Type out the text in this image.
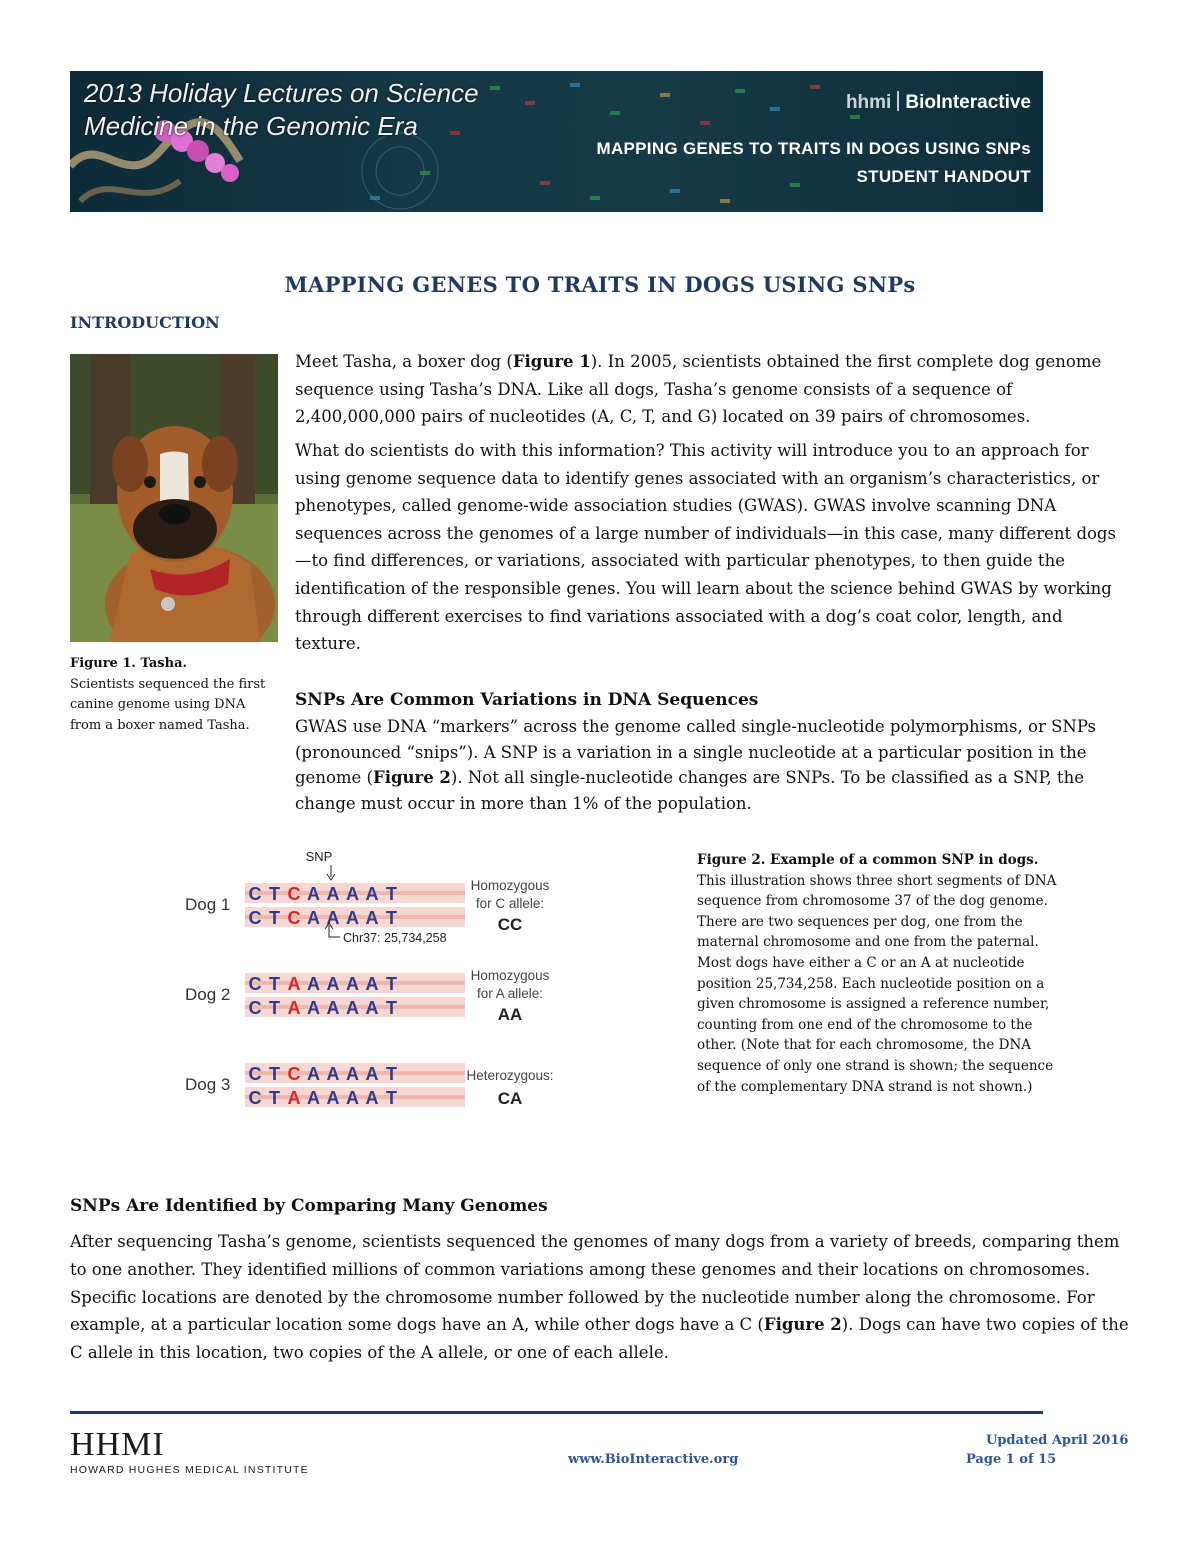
2013 Holiday Lectures on Science
Medicine in the Genomic Era
hhmi BioInteractive
MAPPING GENES TO TRAITS IN DOGS USING SNPs
STUDENT HANDOUT
MAPPING GENES TO TRAITS IN DOGS USING SNPs
INTRODUCTION
Figure 1. Tasha.
Scientists sequenced the first canine genome using DNA from a boxer named Tasha.
Meet Tasha, a boxer dog (Figure 1). In 2005, scientists obtained the first complete dog genome sequence using Tasha’s DNA. Like all dogs, Tasha’s genome consists of a sequence of 2,400,000,000 pairs of nucleotides (A, C, T, and G) located on 39 pairs of chromosomes.
What do scientists do with this information? This activity will introduce you to an approach for using genome sequence data to identify genes associated with an organism’s characteristics, or phenotypes, called genome-wide association studies (GWAS). GWAS involve scanning DNA sequences across the genomes of a large number of individuals—in this case, many different dogs—to find differences, or variations, associated with particular phenotypes, to then guide the identification of the responsible genes. You will learn about the science behind GWAS by working through different exercises to find variations associated with a dog’s coat color, length, and texture.
SNPs Are Common Variations in DNA Sequences
GWAS use DNA “markers” across the genome called single-nucleotide polymorphisms, or SNPs (pronounced “snips”). A SNP is a variation in a single nucleotide at a particular position in the genome (Figure 2). Not all single-nucleotide changes are SNPs. To be classified as a SNP, the change must occur in more than 1% of the population.
SNP
Dog 1
C T C A A A A T
C T C A A A A T
Homozygous
for C allele:
CC
Dog 2
C T A A A A A T
C T A A A A A T
Homozygous
for A allele:
AA
Dog 3
C T C A A A A T
C T A A A A A T
Heterozygous:
CA
Chr37: 25,734,258
Figure 2. Example of a common SNP in dogs.
This illustration shows three short segments of DNA sequence from chromosome 37 of the dog genome. There are two sequences per dog, one from the maternal chromosome and one from the paternal. Most dogs have either a C or an A at nucleotide position 25,734,258. Each nucleotide position on a given chromosome is assigned a reference number, counting from one end of the chromosome to the other. (Note that for each chromosome, the DNA sequence of only one strand is shown; the sequence of the complementary DNA strand is not shown.)
SNPs Are Identified by Comparing Many Genomes
After sequencing Tasha’s genome, scientists sequenced the genomes of many dogs from a variety of breeds, comparing them to one another. They identified millions of common variations among these genomes and their locations on chromosomes. Specific locations are denoted by the chromosome number followed by the nucleotide number along the chromosome. For example, at a particular location some dogs have an A, while other dogs have a C (Figure 2). Dogs can have two copies of the C allele in this location, two copies of the A allele, or one of each allele.
HHMI
HOWARD HUGHES MEDICAL INSTITUTE
www.BioInteractive.org
Updated April 2016
Page 1 of 15
